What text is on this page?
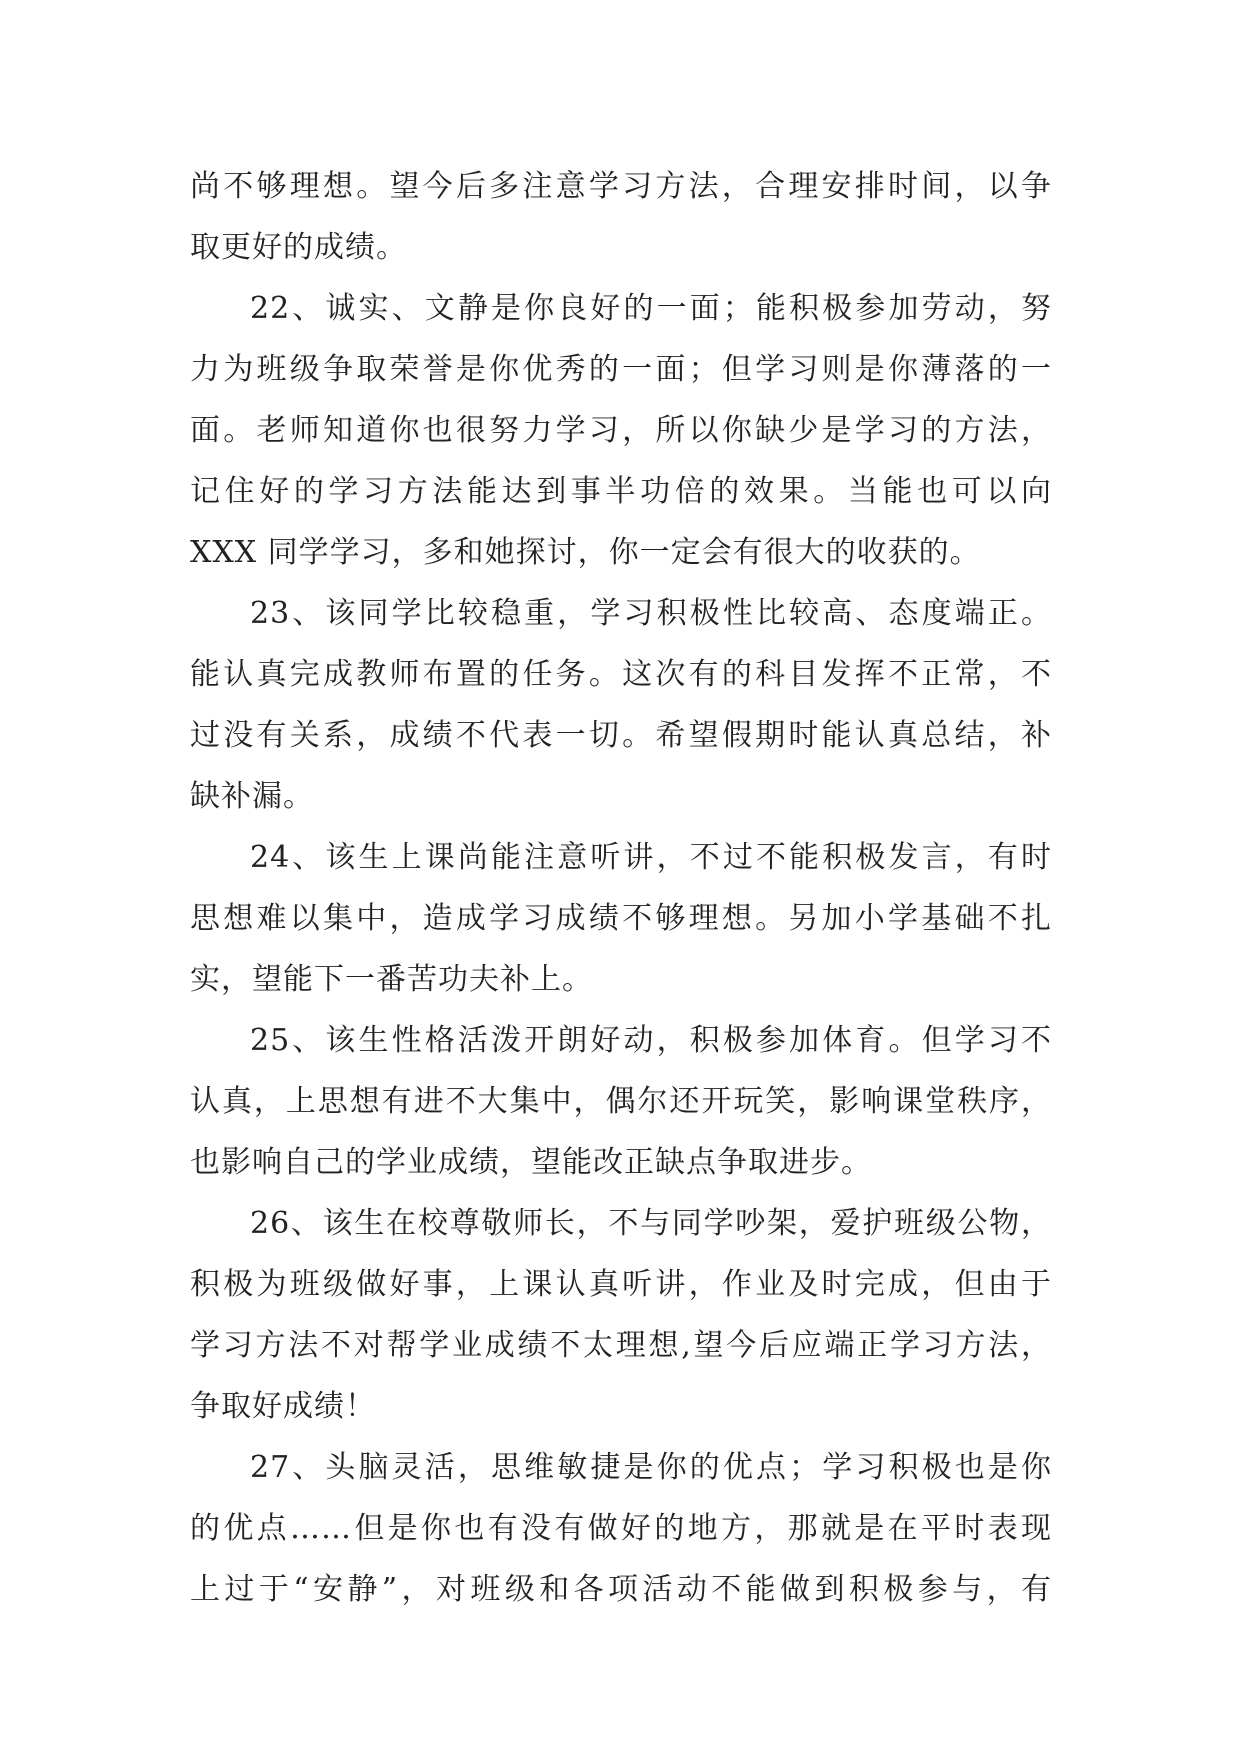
尚不够理想。望今后多注意学习方法，合理安排时间，以争
取更好的成绩。
22、诚实、文静是你良好的一面；能积极参加劳动，努
力为班级争取荣誉是你优秀的一面；但学习则是你薄落的一
面。老师知道你也很努力学习，所以你缺少是学习的方法，
记住好的学习方法能达到事半功倍的效果。当能也可以向
XXX 同学学习，多和她探讨，你一定会有很大的收获的。
23、该同学比较稳重，学习积极性比较高、态度端正。
能认真完成教师布置的任务。这次有的科目发挥不正常，不
过没有关系，成绩不代表一切。希望假期时能认真总结，补
缺补漏。
24、该生上课尚能注意听讲，不过不能积极发言，有时
思想难以集中，造成学习成绩不够理想。另加小学基础不扎
实，望能下一番苦功夫补上。
25、该生性格活泼开朗好动，积极参加体育。但学习不
认真，上思想有进不大集中，偶尔还开玩笑，影响课堂秩序，
也影响自己的学业成绩，望能改正缺点争取进步。
26、该生在校尊敬师长，不与同学吵架，爱护班级公物，
积极为班级做好事，上课认真听讲，作业及时完成，但由于
学习方法不对帮学业成绩不太理想,望今后应端正学习方法，
争取好成绩！
27、头脑灵活，思维敏捷是你的优点；学习积极也是你
的优点……但是你也有没有做好的地方，那就是在平时表现
上过于“安静”，对班级和各项活动不能做到积极参与，有
